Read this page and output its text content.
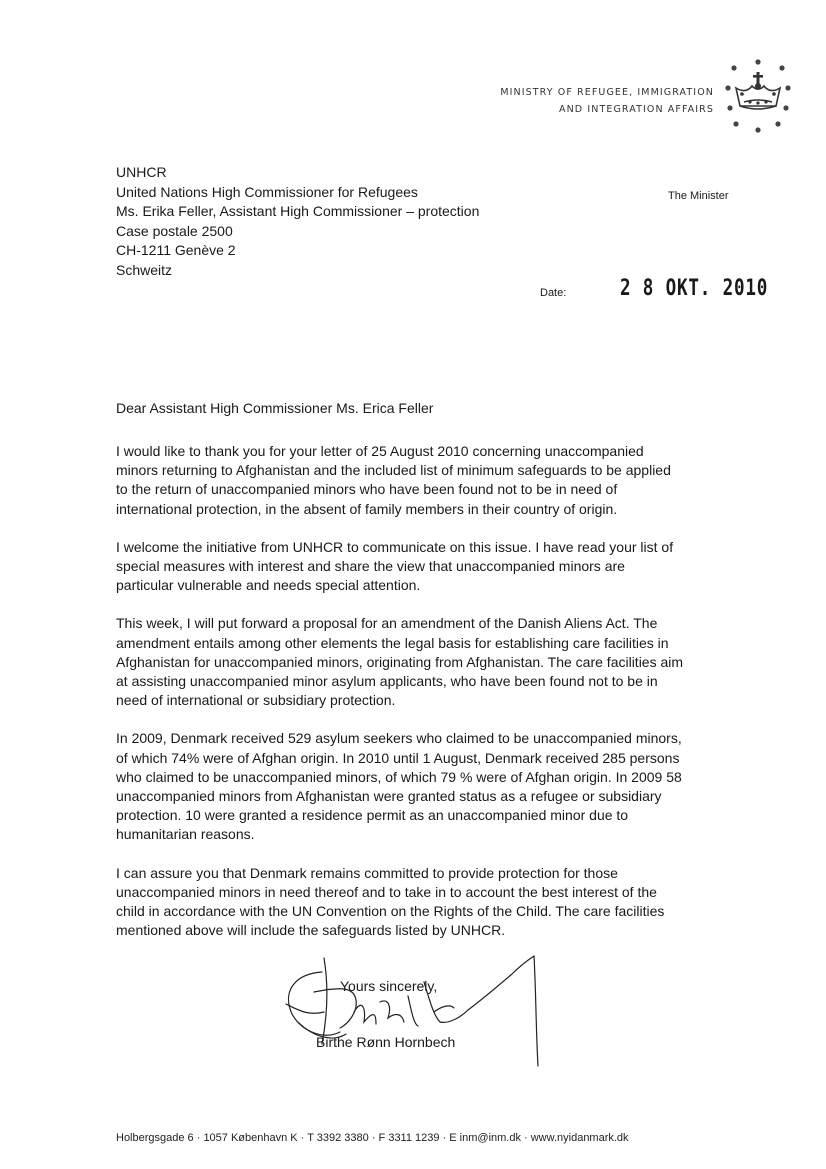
MINISTRY OF REFUGEE, IMMIGRATION
AND INTEGRATION AFFAIRS
UNHCR
United Nations High Commissioner for Refugees
Ms. Erika Feller, Assistant High Commissioner – protection
Case postale 2500
CH-1211 Genève 2
Schweitz
The Minister
Date: 2 8 OKT. 2010
Dear Assistant High Commissioner Ms. Erica Feller

I would like to thank you for your letter of 25 August 2010 concerning unaccompanied minors returning to Afghanistan and the included list of minimum safeguards to be applied to the return of unaccompanied minors who have been found not to be in need of international protection, in the absent of family members in their country of origin.

I welcome the initiative from UNHCR to communicate on this issue. I have read your list of special measures with interest and share the view that unaccompanied minors are particular vulnerable and needs special attention.

This week, I will put forward a proposal for an amendment of the Danish Aliens Act. The amendment entails among other elements the legal basis for establishing care facilities in Afghanistan for unaccompanied minors, originating from Afghanistan. The care facilities aim at assisting unaccompanied minor asylum applicants, who have been found not to be in need of international or subsidiary protection.

In 2009, Denmark received 529 asylum seekers who claimed to be unaccompanied minors, of which 74% were of Afghan origin. In 2010 until 1 August, Denmark received 285 persons who claimed to be unaccompanied minors, of which 79 % were of Afghan origin. In 2009 58 unaccompanied minors from Afghanistan were granted status as a refugee or subsidiary protection. 10 were granted a residence permit as an unaccompanied minor due to humanitarian reasons.

I can assure you that Denmark remains committed to provide protection for those unaccompanied minors in need thereof and to take in to account the best interest of the child in accordance with the UN Convention on the Rights of the Child. The care facilities mentioned above will include the safeguards listed by UNHCR.

Yours sincerely,
Birthe Rønn Hornbech
Holbergsgade 6 · 1057 København K · T 3392 3380 · F 3311 1239 · E inm@inm.dk · www.nyidanmark.dk
